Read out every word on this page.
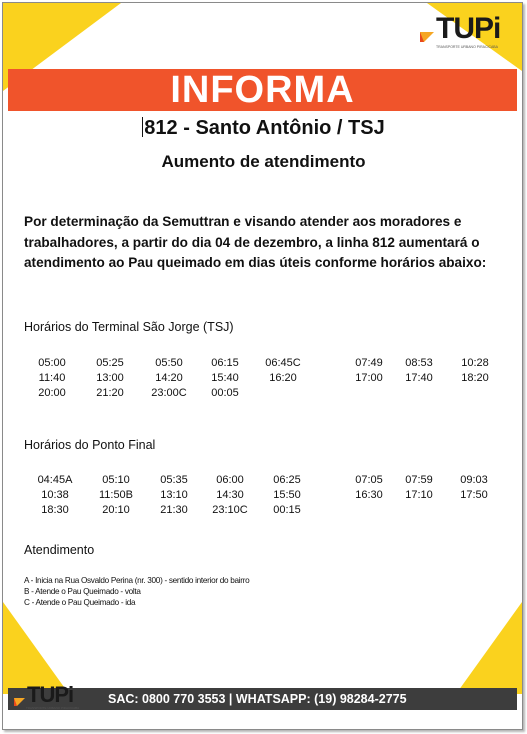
TUPi
TRANSPORTE URBANO PIRACICABA
INFORMA
812 - Santo Antônio / TSJ
Aumento de atendimento
Por determinação da Semuttran e visando atender aos moradores e trabalhadores, a partir do dia 04 de dezembro, a linha 812 aumentará o atendimento ao Pau queimado em dias úteis conforme horários abaixo:
Horários do Terminal São Jorge (TSJ)
05:00	05:25	05:50	06:15	06:45C	07:49	08:53	10:28
11:40	13:00	14:20	15:40	16:20	17:00	17:40	18:20
20:00	21:20	23:00C	00:05
Horários do Ponto Final
04:45A	05:10	05:35	06:00	06:25	07:05	07:59	09:03
10:38	11:50B	13:10	14:30	15:50	16:30	17:10	17:50
18:30	20:10	21:30	23:10C	00:15
Atendimento
A - Inicia na Rua Osvaldo Perina (nr. 300) - sentido interior do bairro
B - Atende o Pau Queimado - volta
C - Atende o Pau Queimado - ida
SAC: 0800 770 3553 | WHATSAPP: (19) 98284-2775
TUPi
TRANSPORTE URBANO PIRACICABA
